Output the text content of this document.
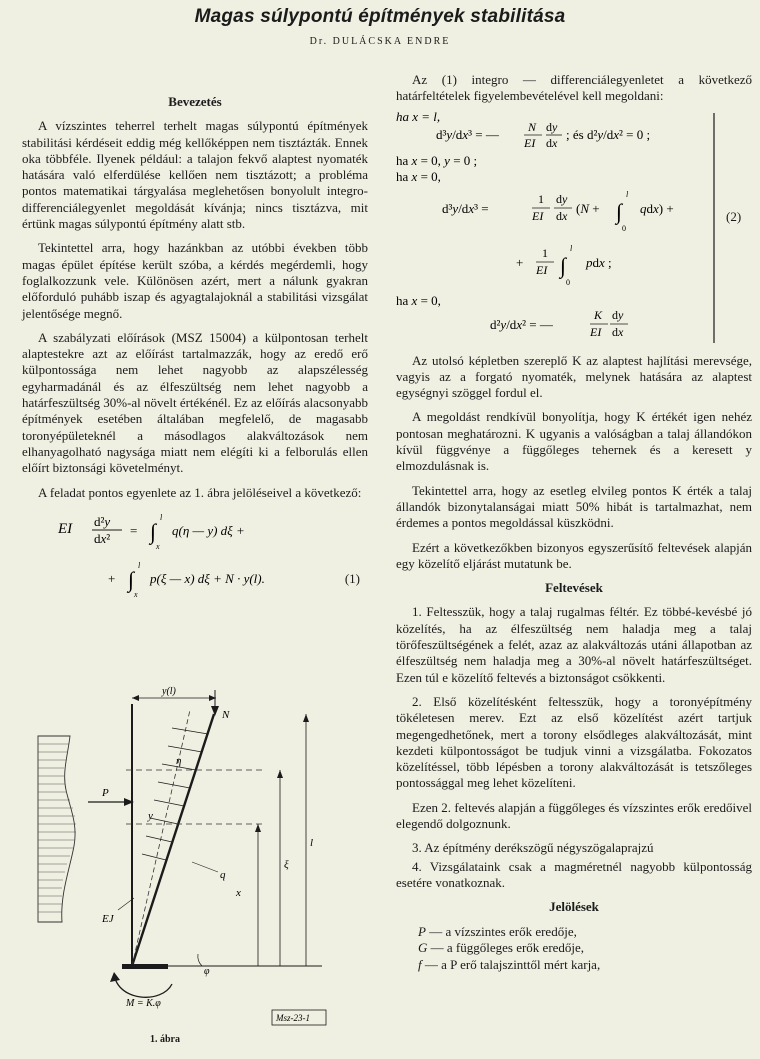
Magas súlypontú építmények stabilitása
Dr. DULÁCSKA ENDRE
Bevezetés
A vízszintes teherrel terhelt magas súlypontú építmények stabilitási kérdéseit eddig még kellőképpen nem tisztázták. Ennek oka többféle. Ilyenek például: a talajon fekvő alaptest nyomaték hatására való elferdülése kellően nem tisztázott; a probléma pontos matematikai tárgyalása meglehetősen bonyolult integro-differenciálegyenlet megoldását kívánja; nincs tisztázva, mit értünk magas súlypontú építmény alatt stb.
Tekintettel arra, hogy hazánkban az utóbbi években több magas épület építése került szóba, a kérdés megérdemli, hogy foglalkozzunk vele. Különösen azért, mert a nálunk gyakran előforduló puhább iszap és agyagtalajoknál a stabilitási vizsgálat jelentősége megnő.
A szabályzati előírások (MSZ 15004) a külpontosan terhelt alaptestekre azt az előírást tartalmazzák, hogy az eredő erő külpontossága nem lehet nagyobb az alapszélesség egyharmadánál és az élfeszültség nem lehet nagyobb a határfeszültség 30%-al növelt értékénél. Ez az előírás alacsonyabb építmények esetében általában megfelelő, de magasabb toronyépületeknél a másodlagos alakváltozások nem elhanyagolható nagysága miatt nem elégíti ki a felborulás ellen előírt biztonsági követelményt.
A feladat pontos egyenlete az 1. ábra jelöléseivel a következő:
EI d²y
dx²
= ∫
l
x
q(η — y) dξ +
+ ∫
l
x
p(ξ — x) dξ + N · y(l).	(1)
P
y(l)
N
η
y
q
x
ξ
l
EJ
φ
M = K.φ
Msz-23-1
1. ábra
Az (1) integro — differenciálegyenletet a következő határfeltételek figyelembevételével kell megoldani:
ha x = l,
d³y/dx³ = — N
EI
dy
dx
; és d²y/dx² = 0 ;
ha x = 0, y = 0 ;
ha x = 0,
d³y/dx³ =
1
EI
dy
dx (N + ∫
l
0
qdx) +
+
1
EI ∫
l
0
pdx ;
ha x = 0,
d²y/dx² = —
K
EI
dy
dx
(2)
Az utolsó képletben szereplő K az alaptest hajlítási merevsége, vagyis az a forgató nyomaték, melynek hatására az alaptest egységnyi szöggel fordul el.
A megoldást rendkívül bonyolítja, hogy K értékét igen nehéz pontosan meghatározni. K ugyanis a valóságban a talaj állandókon kívül függvénye a függőleges tehernek és a keresett y elmozdulásnak is.
Tekintettel arra, hogy az esetleg elvileg pontos K érték a talaj állandók bizonytalanságai miatt 50% hibát is tartalmazhat, nem érdemes a pontos megoldással küszködni.
Ezért a következőkben bizonyos egyszerűsítő feltevések alapján egy közelítő eljárást mutatunk be.
Feltevések
1. Feltesszük, hogy a talaj rugalmas féltér. Ez többé-kevésbé jó közelítés, ha az élfeszültség nem haladja meg a talaj törőfeszültségének a felét, azaz az alakváltozás utáni állapotban az élfeszültség nem haladja meg a 30%-al növelt határfeszültséget. Ezen túl e közelítő feltevés a biztonságot csökkenti.
2. Első közelítésként feltesszük, hogy a toronyépítmény tökéletesen merev. Ezt az első közelítést azért tartjuk megengedhetőnek, mert a torony elsődleges alakváltozását, mint kezdeti külpontosságot be tudjuk vinni a vizsgálatba. Fokozatos közelítéssel, több lépésben a torony alakváltozását is tetszőleges pontossággal meg lehet közelíteni.
Ezen 2. feltevés alapján a függőleges és vízszintes erők eredőivel elegendő dolgoznunk.
3. Az építmény derékszögű négyszögalaprajzú
4. Vizsgálataink csak a magméretnél nagyobb külpontosság esetére vonatkoznak.
Jelölések
P — a vízszintes erők eredője,
G — a függőleges erők eredője,
f — a P erő talajszinttől mért karja,
